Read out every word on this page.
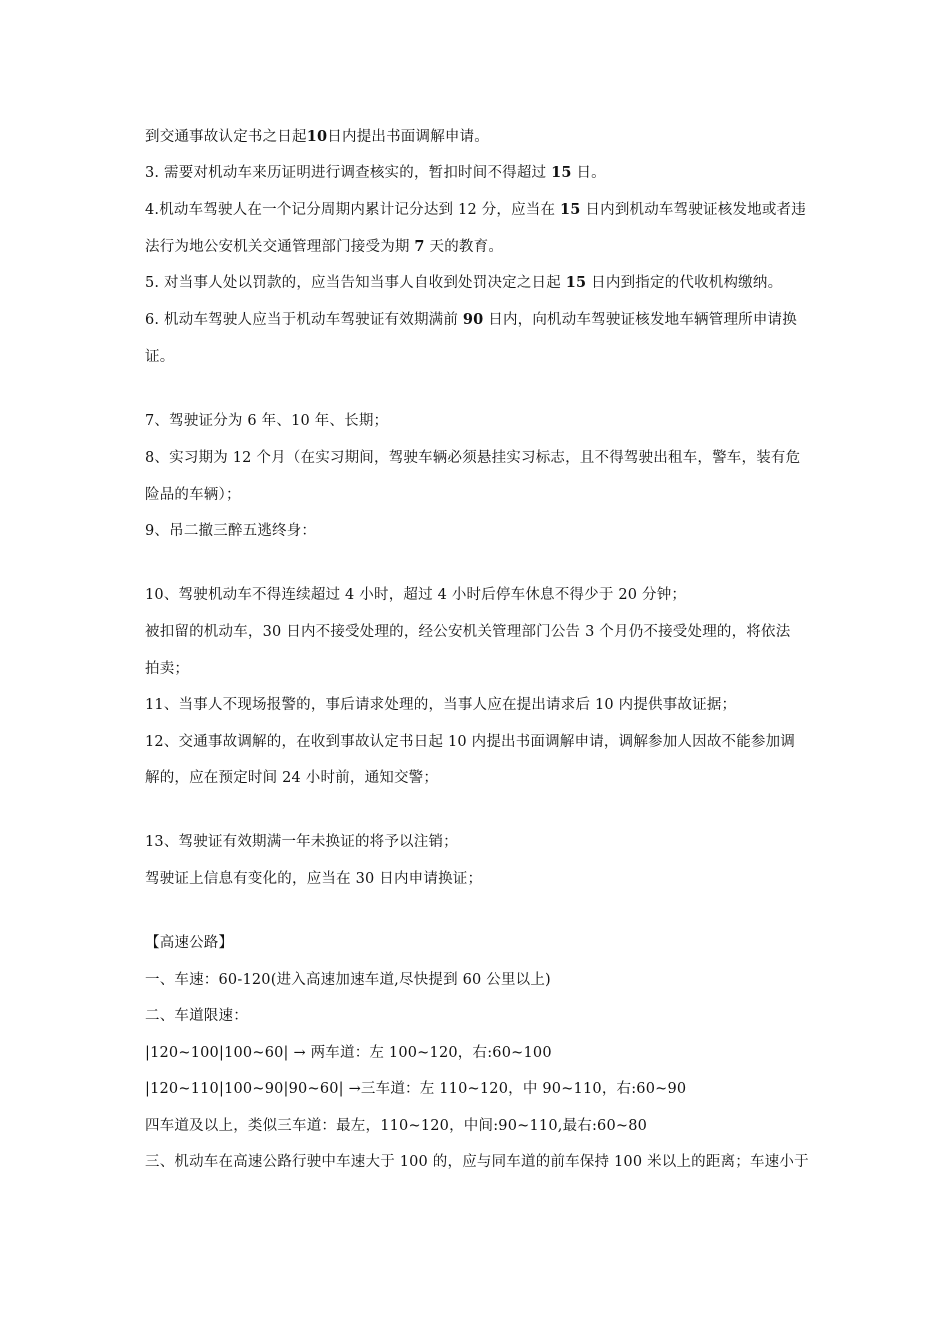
到交通事故认定书之日起10日内提出书面调解申请。
3. 需要对机动车来历证明进行调查核实的，暂扣时间不得超过 15 日。
4.机动车驾驶人在一个记分周期内累计记分达到 12 分，应当在 15 日内到机动车驾驶证核发地或者违
法行为地公安机关交通管理部门接受为期 7 天的教育。
5. 对当事人处以罚款的，应当告知当事人自收到处罚决定之日起 15 日内到指定的代收机构缴纳。
6. 机动车驾驶人应当于机动车驾驶证有效期满前 90 日内，向机动车驾驶证核发地车辆管理所申请换
证。
7、驾驶证分为 6 年、10 年、长期；
8、实习期为 12 个月（在实习期间，驾驶车辆必须悬挂实习标志，且不得驾驶出租车，警车，装有危
险品的车辆）；
9、吊二撤三醉五逃终身：
10、驾驶机动车不得连续超过 4 小时，超过 4 小时后停车休息不得少于 20 分钟；
被扣留的机动车，30 日内不接受处理的，经公安机关管理部门公告 3 个月仍不接受处理的，将依法
拍卖；
11、当事人不现场报警的，事后请求处理的，当事人应在提出请求后 10 内提供事故证据；
12、交通事故调解的，在收到事故认定书日起 10 内提出书面调解申请，调解参加人因故不能参加调
解的，应在预定时间 24 小时前，通知交警；
13、驾驶证有效期满一年未换证的将予以注销；
驾驶证上信息有变化的，应当在 30 日内申请换证；
【高速公路】
一、车速：60-120(进入高速加速车道,尽快提到 60 公里以上)
二、车道限速：
|120~100|100~60| → 两车道：左 100~120，右:60~100
|120~110|100~90|90~60| →三车道：左 110~120，中 90~110，右:60~90
四车道及以上，类似三车道：最左，110~120，中间:90~110,最右:60~80
三、机动车在高速公路行驶中车速大于 100 的，应与同车道的前车保持 100 米以上的距离；车速小于
